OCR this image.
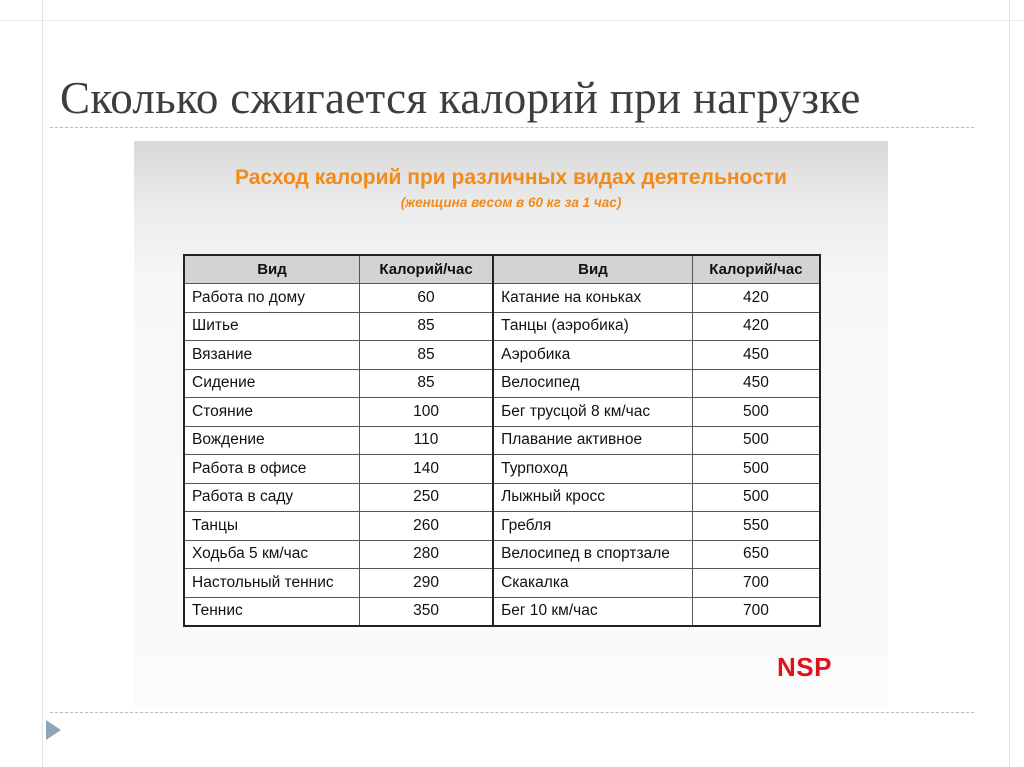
Сколько сжигается калорий при нагрузке
Расход калорий при различных видах деятельности
(женщина весом в 60 кг за 1 час)
Вид	Калорий/час	Вид	Калорий/час
Работа по дому	60	Катание на коньках	420
Шитье	85	Танцы (аэробика)	420
Вязание	85	Аэробика	450
Сидение	85	Велосипед	450
Стояние	100	Бег трусцой 8 км/час	500
Вождение	110	Плавание активное	500
Работа в офисе	140	Турпоход	500
Работа в саду	250	Лыжный кросс	500
Танцы	260	Гребля	550
Ходьба 5 км/час	280	Велосипед в спортзале	650
Настольный теннис	290	Скакалка	700
Теннис	350	Бег 10 км/час	700
NSP
